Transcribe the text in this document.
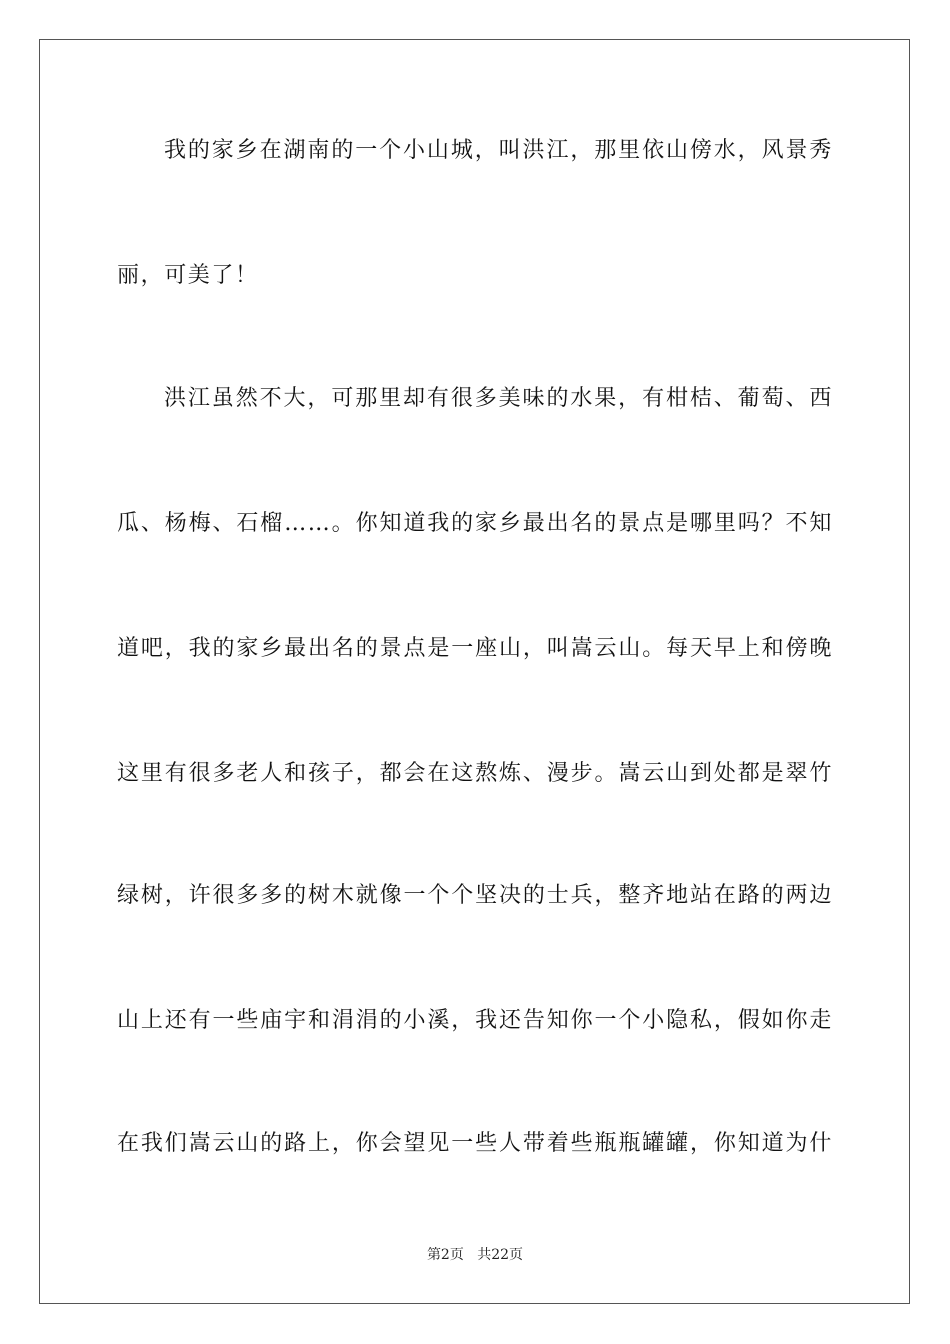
我的家乡在湖南的一个小山城，叫洪江，那里依山傍水，风景秀
丽，可美了！
洪江虽然不大，可那里却有很多美味的水果，有柑桔、葡萄、西
瓜、杨梅、石榴……。你知道我的家乡最出名的景点是哪里吗？不知
道吧，我的家乡最出名的景点是一座山，叫嵩云山。每天早上和傍晚
这里有很多老人和孩子，都会在这熬炼、漫步。嵩云山到处都是翠竹
绿树，许很多多的树木就像一个个坚决的士兵，整齐地站在路的两边
山上还有一些庙宇和涓涓的小溪，我还告知你一个小隐私，假如你走
在我们嵩云山的路上，你会望见一些人带着些瓶瓶罐罐，你知道为什
第2页 共22页
